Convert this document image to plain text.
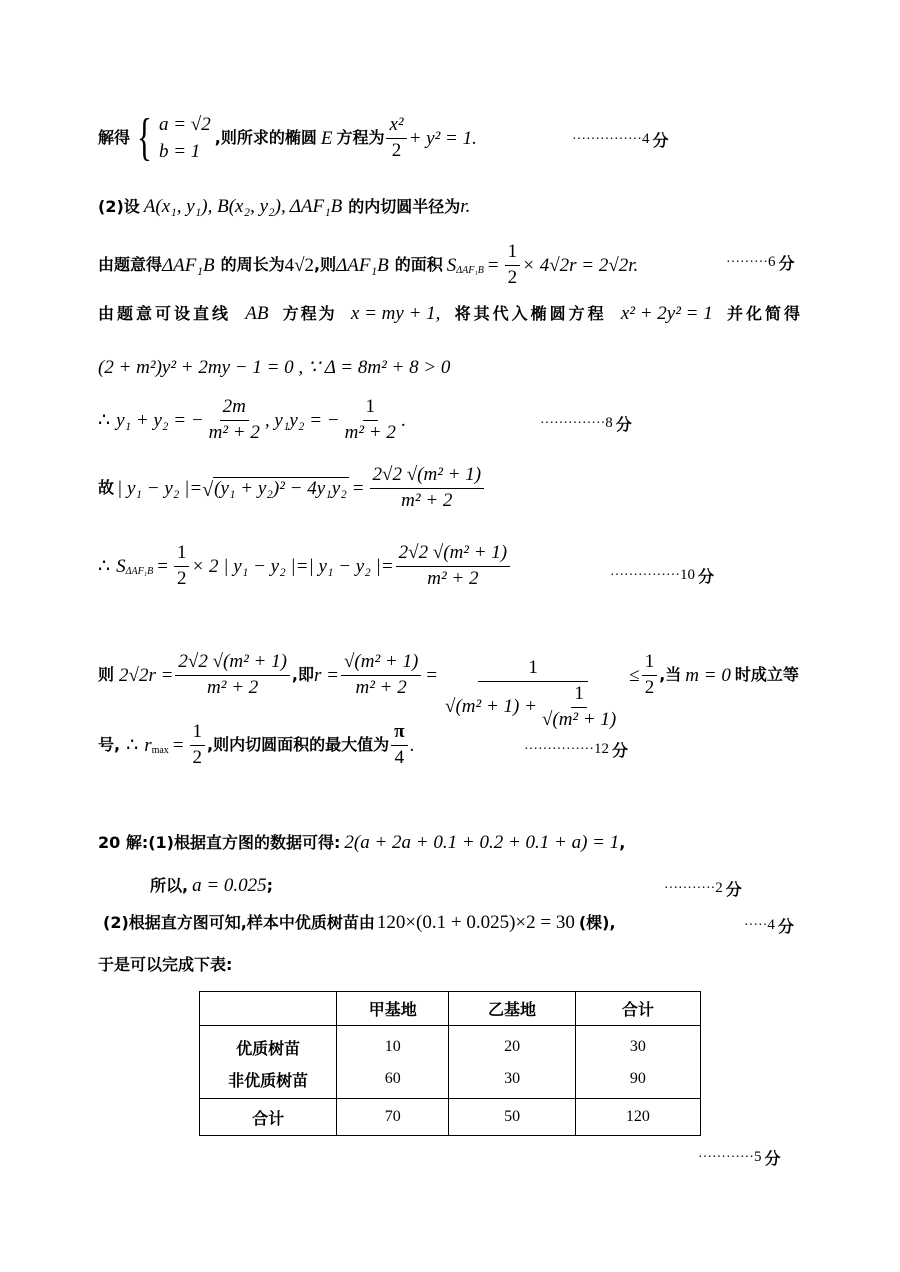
解得 { a = √2
b = 1
,则所求的椭圆 E 方程为 $\frac{\text{x²}}{2} + y^2 = 1$.	··············· 4 分
(2)设 A(x₁, y₁), B(x₂, y₂), ΔAF₁B 的内切圆半径为 r.
由题意得 ΔAF₁B 的周长为 4√2 ,则 ΔAF₁B 的面积 $S_{\Delta AF_1B} = \frac{1}{2} \times 4√2r = 2√2r$.	········· 6 分
由题意可设直线 AB 方程为 x = my + 1, 将其代入椭圆方程 x² + 2y² = 1 并化简得
(2 + m²)y² + 2my − 1 = 0 , ∵ Δ = 8m² + 8 > 0
∴ y₁ + y₂ = − $\frac{2m}{\text{m² + 2}}$ , y₁y₂ = − $\frac{1}{\text{m² + 2}}$ .	·············· 8 分
故 | y₁ − y₂ |= √ $(y_1 + y_2)^2 - 4y_1y_2 = \frac{\text{2√2 √(m² + 1)}}{\text{m² + 2}}$
∴ $S_{\Delta AF_1B} = \frac{1}{2} \times 2$ | y₁ − y₂ |=| y₁ − y₂ |= $\frac{\text{2√2 √(m² + 1)}}{\text{m² + 2}}$	··············· 10 分
则 $2√2r = \frac{\text{2√2 √(m² + 1)}}{\text{m² + 2}}$ ,即 $r = \frac{\text{√(m² + 1)}}{\text{m² + 2}} = \frac{1}{√(m^2 + 1) + \frac{1}{\text{√(m² + 1)}}} \le \frac{1}{2}$ ,当 m = 0 时成立等
号, ∴ $r_{max} = \frac{1}{2}$ ,则内切圆面积的最大值为 $\frac{\pi}{4}$ .	··············· 12 分
20 解:(1)根据直方图的数据可得: 2(a + 2a + 0.1 + 0.2 + 0.1 + a) = 1 ,
所以, a = 0.025 ;	··········· 2 分
(2)根据直方图可知,样本中优质树苗由 120×(0.1 + 0.025)×2 = 30 (棵),	····· 4 分
于是可以完成下表:
	甲基地	乙基地	合计
优质树苗	10	20	30
非优质树苗	60	30	90
合计	70	50	120
············ 5 分
